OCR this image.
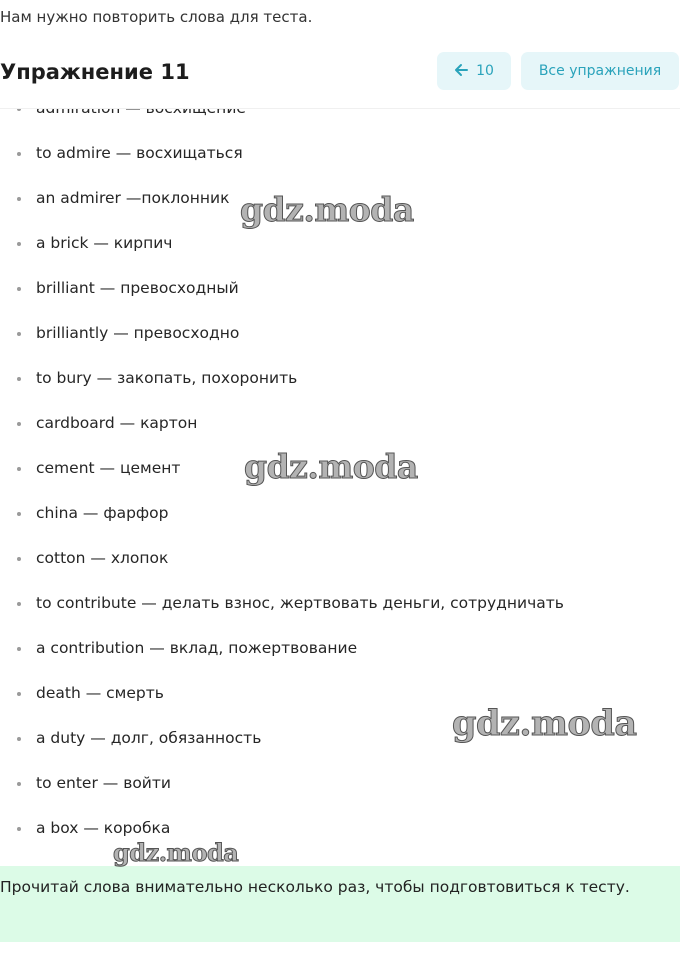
Нам нужно повторить слова для теста.
Упражнение 11	10	Все упражнения
to admire — восхищаться
an admirer —поклонник
a brick — кирпич
brilliant — превосходный
brilliantly — превосходно
to bury — закопать, похоронить
cardboard — картон
cement — цемент
china — фарфор
cotton — хлопок
to contribute — делать взнос, жертвовать деньги, сотрудничать
a contribution — вклад, пожертвование
death — смерть
a duty — долг, обязанность
to enter — войти
a box — коробка
Прочитай слова внимательно несколько раз, чтобы подговтовиться к тесту.
gdz.moda
gdz.moda
gdz.moda
gdz.moda
